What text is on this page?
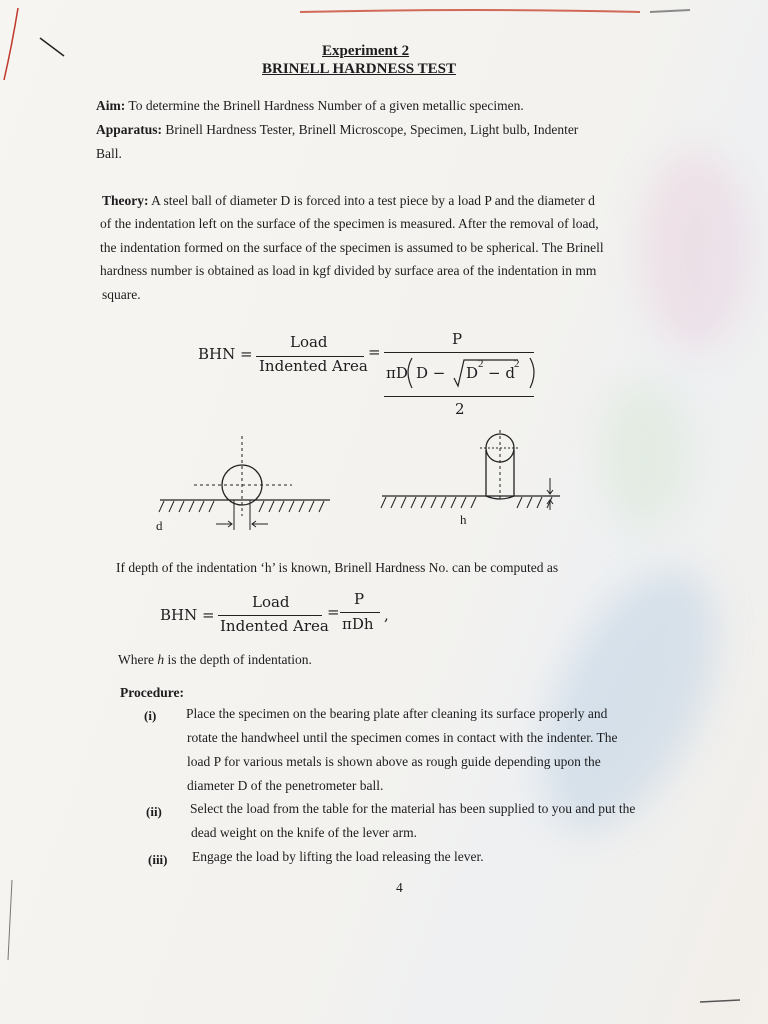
Experiment 2
BRINELL HARDNESS TEST
Aim: To determine the Brinell Hardness Number of a given metallic specimen.
Apparatus: Brinell Hardness Tester, Brinell Microscope, Specimen, Light bulb, Indenter
Ball.
Theory: A steel ball of diameter D is forced into a test piece by a load P and the diameter d
of the indentation left on the surface of the specimen is measured. After the removal of load,
the indentation formed on the surface of the specimen is assumed to be spherical. The Brinell
hardness number is obtained as load in kgf divided by surface area of the indentation in mm
square.
BHN =
Load
Indented Area
=
P
πD D − D 2 − d 2
2
d	h
If depth of the indentation ‘h’ is known, Brinell Hardness No. can be computed as
BHN =
Load
Indented Area
=
P
πDh ,
Where h is the depth of indentation.
Procedure:
(i) Place the specimen on the bearing plate after cleaning its surface properly and
rotate the handwheel until the specimen comes in contact with the indenter. The
load P for various metals is shown above as rough guide depending upon the
diameter D of the penetrometer ball.
(ii) Select the load from the table for the material has been supplied to you and put the
dead weight on the knife of the lever arm.
(iii) Engage the load by lifting the load releasing the lever.
4
